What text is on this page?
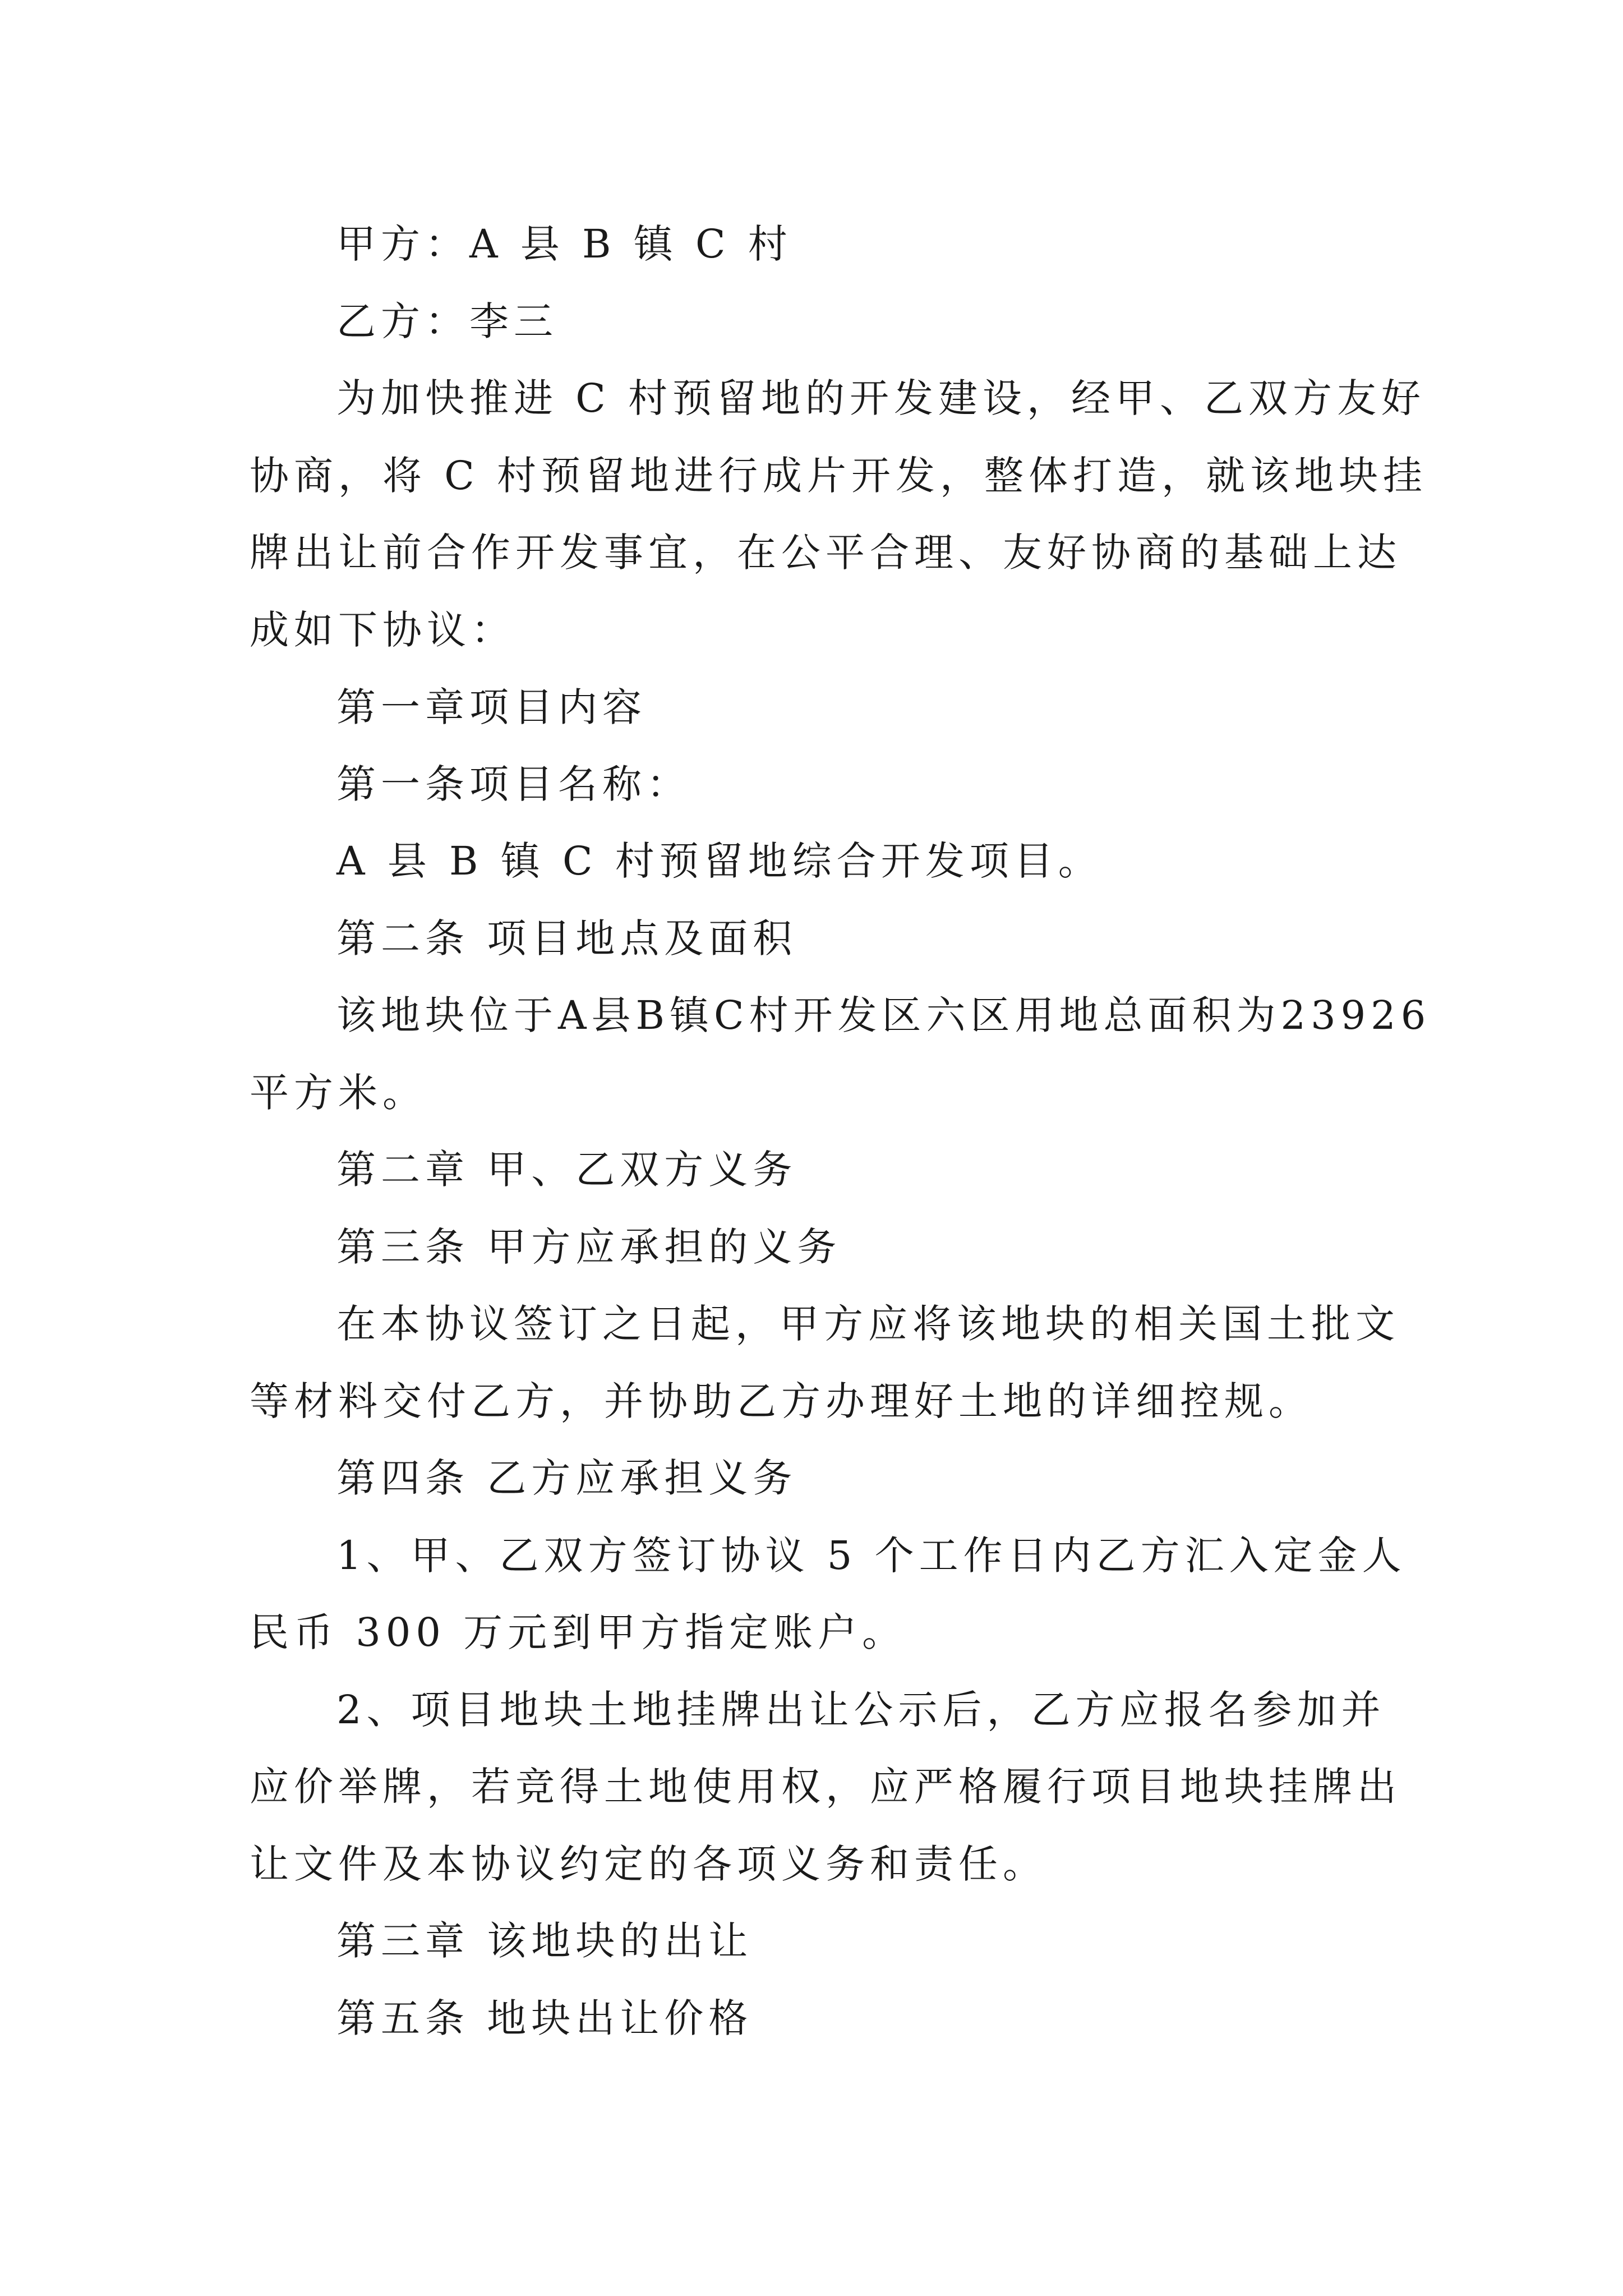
甲方：A 县 B 镇 C 村
乙方：李三
为加快推进 C 村预留地的开发建设，经甲、乙双方友好
协商，将 C 村预留地进行成片开发，整体打造，就该地块挂
牌出让前合作开发事宜，在公平合理、友好协商的基础上达
成如下协议：
第一章项目内容
第一条项目名称：
A 县 B 镇 C 村预留地综合开发项目。
第二条 项目地点及面积
该地块位于A县B镇C村开发区六区用地总面积为23926
平方米。
第二章 甲、乙双方义务
第三条 甲方应承担的义务
在本协议签订之日起，甲方应将该地块的相关国土批文
等材料交付乙方，并协助乙方办理好土地的详细控规。
第四条 乙方应承担义务
1、甲、乙双方签订协议 5 个工作日内乙方汇入定金人
民币 300 万元到甲方指定账户。
2、项目地块土地挂牌出让公示后，乙方应报名参加并
应价举牌，若竞得土地使用权，应严格履行项目地块挂牌出
让文件及本协议约定的各项义务和责任。
第三章 该地块的出让
第五条 地块出让价格
